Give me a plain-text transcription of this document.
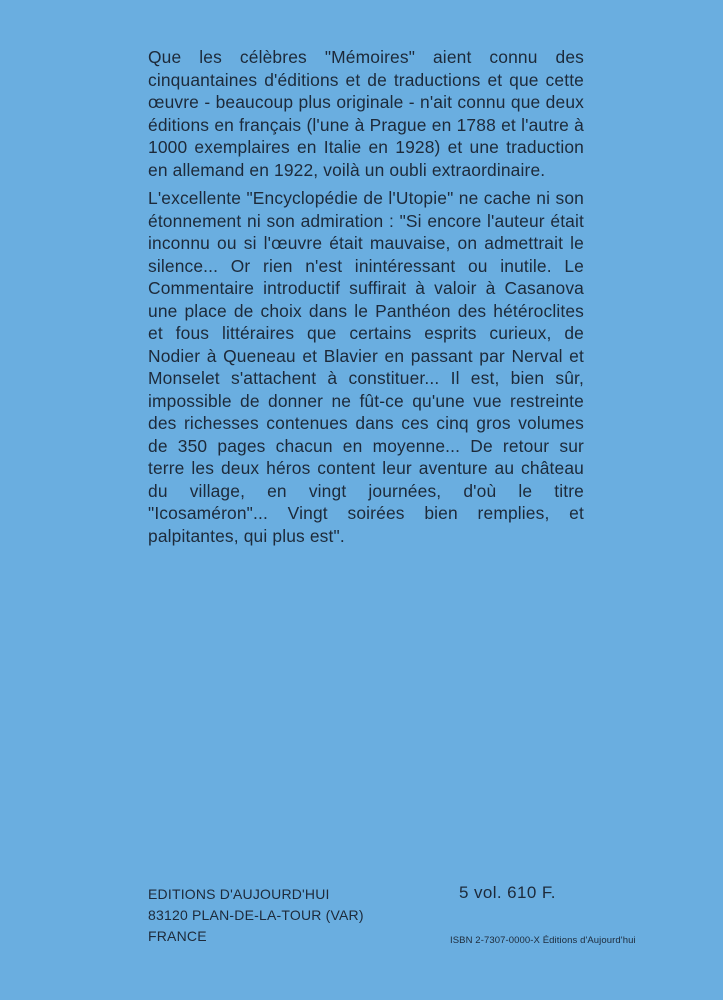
Que les célèbres "Mémoires" aient connu des cinquantaines d'éditions et de traductions et que cette œuvre - beaucoup plus originale - n'ait connu que deux éditions en français (l'une à Prague en 1788 et l'autre à 1000 exemplaires en Italie en 1928) et une traduction en allemand en 1922, voilà un oubli extraordinaire.

L'excellente "Encyclopédie de l'Utopie" ne cache ni son étonnement ni son admiration : "Si encore l'auteur était inconnu ou si l'œuvre était mauvaise, on admettrait le silence... Or rien n'est inintéressant ou inutile. Le Commentaire introductif suffirait à valoir à Casanova une place de choix dans le Panthéon des hétéroclites et fous littéraires que certains esprits curieux, de Nodier à Queneau et Blavier en passant par Nerval et Monselet s'attachent à constituer... Il est, bien sûr, impossible de donner ne fût-ce qu'une vue restreinte des richesses contenues dans ces cinq gros volumes de 350 pages chacun en moyenne... De retour sur terre les deux héros content leur aventure au château du village, en vingt journées, d'où le titre "Icosaméron"... Vingt soirées bien remplies, et palpitantes, qui plus est".

EDITIONS D'AUJOURD'HUI
83120 PLAN-DE-LA-TOUR (VAR)
FRANCE
5 vol. 610 F.
ISBN 2-7307-0000-X Éditions d'Aujourd'hui
